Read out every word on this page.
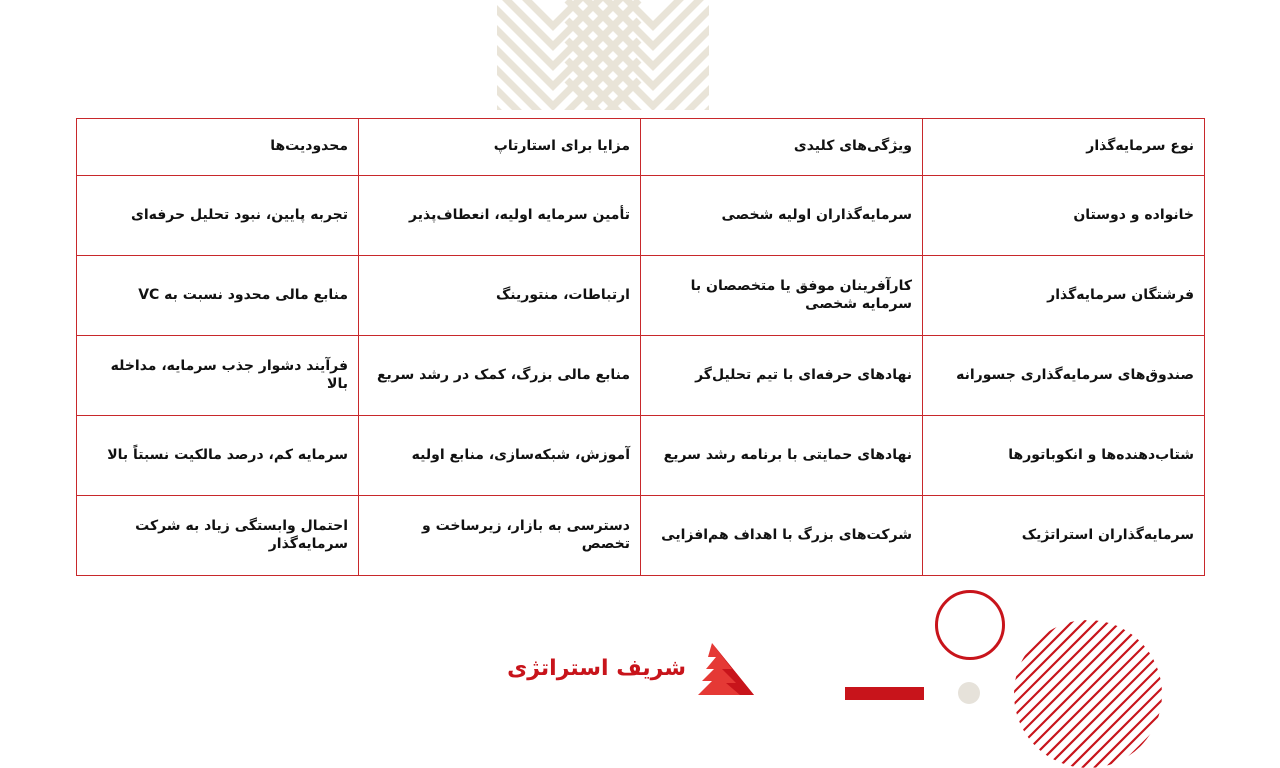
نوع سرمایه‌گذار	ویژگی‌های کلیدی	مزایا برای استارتاپ	محدودیت‌ها
خانواده و دوستان	سرمایه‌گذاران اولیه شخصی	تأمین سرمایه اولیه، انعطاف‌پذیر	تجربه پایین، نبود تحلیل حرفه‌ای
فرشتگان سرمایه‌گذار	کارآفرینان موفق یا متخصصان با سرمایه شخصی	ارتباطات، منتورینگ	منابع مالی محدود نسبت به VC
صندوق‌های سرمایه‌گذاری جسورانه	نهادهای حرفه‌ای با تیم تحلیل‌گر	منابع مالی بزرگ، کمک در رشد سریع	فرآیند دشوار جذب سرمایه، مداخله بالا
شتاب‌دهنده‌ها و انکوباتورها	نهادهای حمایتی با برنامه رشد سریع	آموزش، شبکه‌سازی، منابع اولیه	سرمایه کم، درصد مالکیت نسبتاً بالا
سرمایه‌گذاران استراتژیک	شرکت‌های بزرگ با اهداف هم‌افزایی	دسترسی به بازار، زیرساخت و تخصص	احتمال وابستگی زیاد به شرکت سرمایه‌گذار
شریف استراتژی
